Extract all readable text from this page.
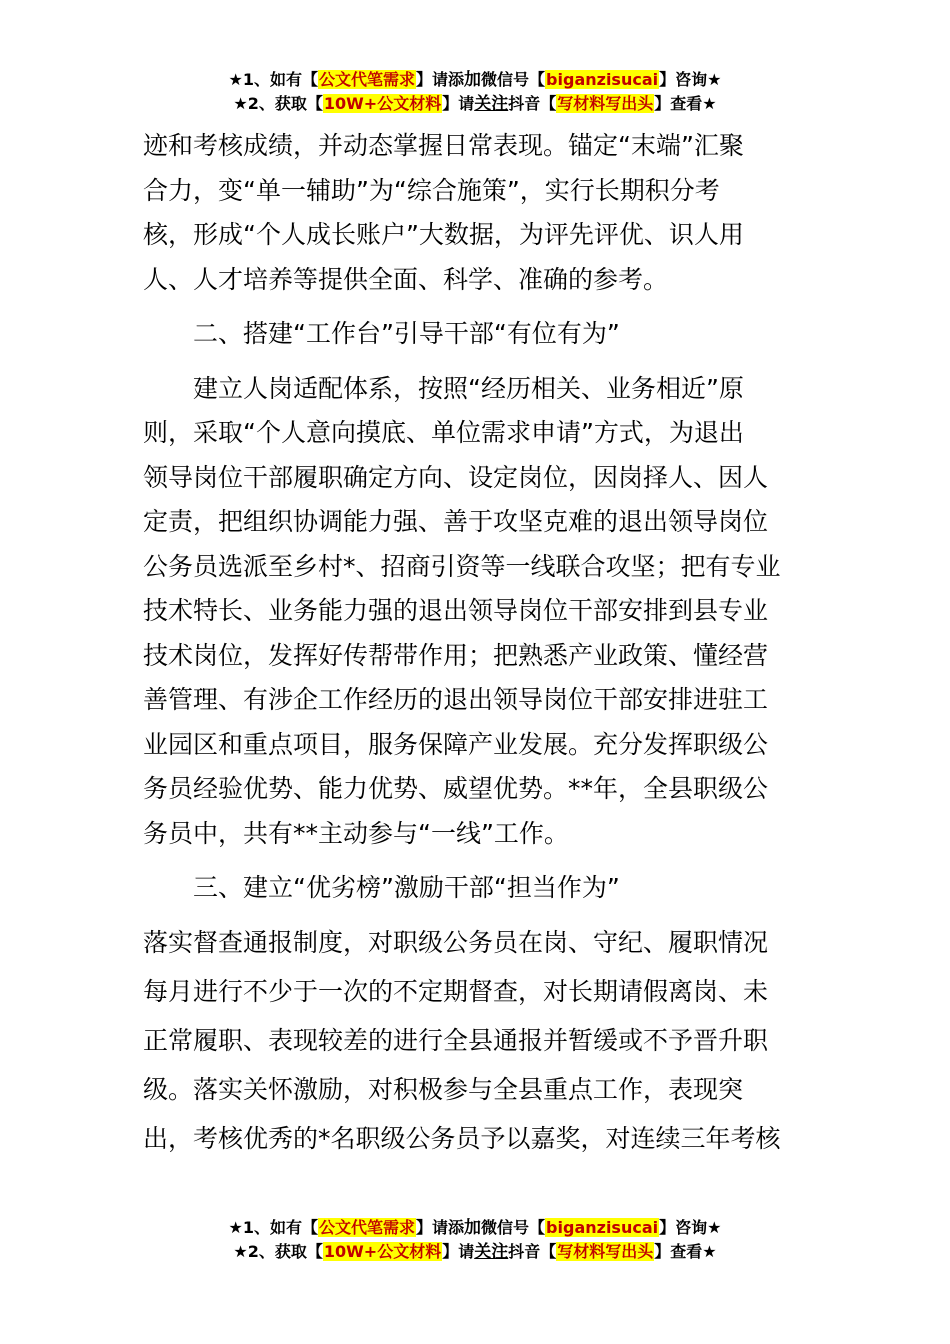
★1、如有【公文代笔需求】请添加微信号【biganzisucai】咨询★
★2、获取【10W+公文材料】请关注抖音【写材料写出头】查看★

迹和考核成绩，并动态掌握日常表现。锚定“末端”汇聚

合力，变“单一辅助”为“综合施策”，实行长期积分考

核，形成“个人成长账户”大数据，为评先评优、识人用

人、人才培养等提供全面、科学、准确的参考。

二、搭建“工作台”引导干部“有位有为”

建立人岗适配体系，按照“经历相关、业务相近”原

则，采取“个人意向摸底、单位需求申请”方式，为退出

领导岗位干部履职确定方向、设定岗位，因岗择人、因人

定责，把组织协调能力强、善于攻坚克难的退出领导岗位

公务员选派至乡村*、招商引资等一线联合攻坚；把有专业

技术特长、业务能力强的退出领导岗位干部安排到县专业

技术岗位，发挥好传帮带作用；把熟悉产业政策、懂经营

善管理、有涉企工作经历的退出领导岗位干部安排进驻工

业园区和重点项目，服务保障产业发展。充分发挥职级公

务员经验优势、能力优势、威望优势。**年，全县职级公

务员中，共有**主动参与“一线”工作。

三、建立“优劣榜”激励干部“担当作为”

落实督查通报制度，对职级公务员在岗、守纪、履职情况

每月进行不少于一次的不定期督查，对长期请假离岗、未

正常履职、表现较差的进行全县通报并暂缓或不予晋升职

级。落实关怀激励，对积极参与全县重点工作，表现突

出，考核优秀的*名职级公务员予以嘉奖，对连续三年考核

★1、如有【公文代笔需求】请添加微信号【biganzisucai】咨询★
★2、获取【10W+公文材料】请关注抖音【写材料写出头】查看★
